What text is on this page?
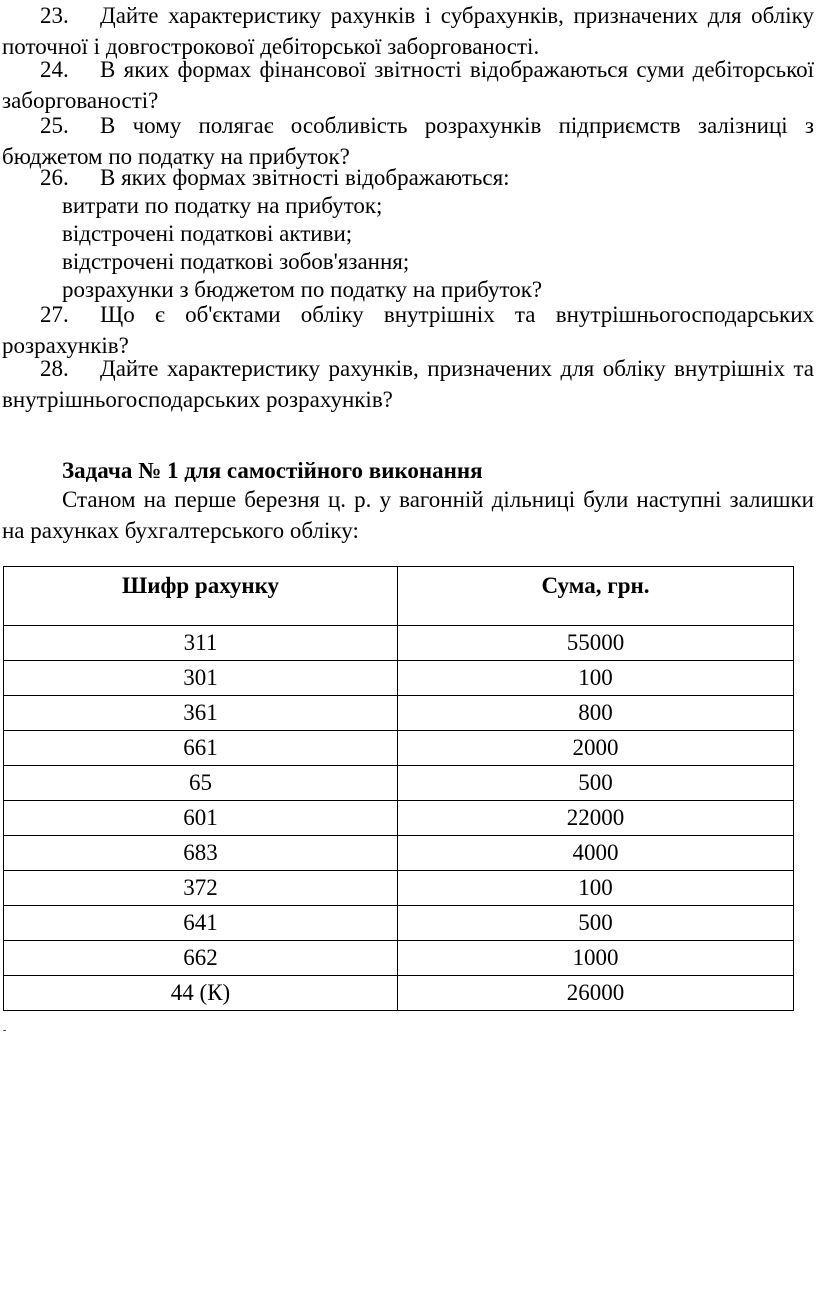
23. Дайте характеристику рахунків і субрахунків, призначених для обліку поточної і довгострокової дебіторської заборгованості.
24. В яких формах фінансової звітності відображаються суми дебіторської заборгованості?
25. В чому полягає особливість розрахунків підприємств залізниці з бюджетом по податку на прибуток?
26. В яких формах звітності відображаються:
витрати по податку на прибуток;
відстрочені податкові активи;
відстрочені податкові зобов'язання;
розрахунки з бюджетом по податку на прибуток?
27. Що є об'єктами обліку внутрішніх та внутрішньогосподарських розрахунків?
28. Дайте характеристику рахунків, призначених для обліку внутрішніх та внутрішньогосподарських розрахунків?
Задача № 1 для самостійного виконання
Станом на перше березня ц. р. у вагонній дільниці були наступні залишки на рахунках бухгалтерського обліку:
Шифр рахунку	Сума, грн.
311	55000
301	100
361	800
661	2000
65	500
601	22000
683	4000
372	100
641	500
662	1000
44 (К)	26000
-
